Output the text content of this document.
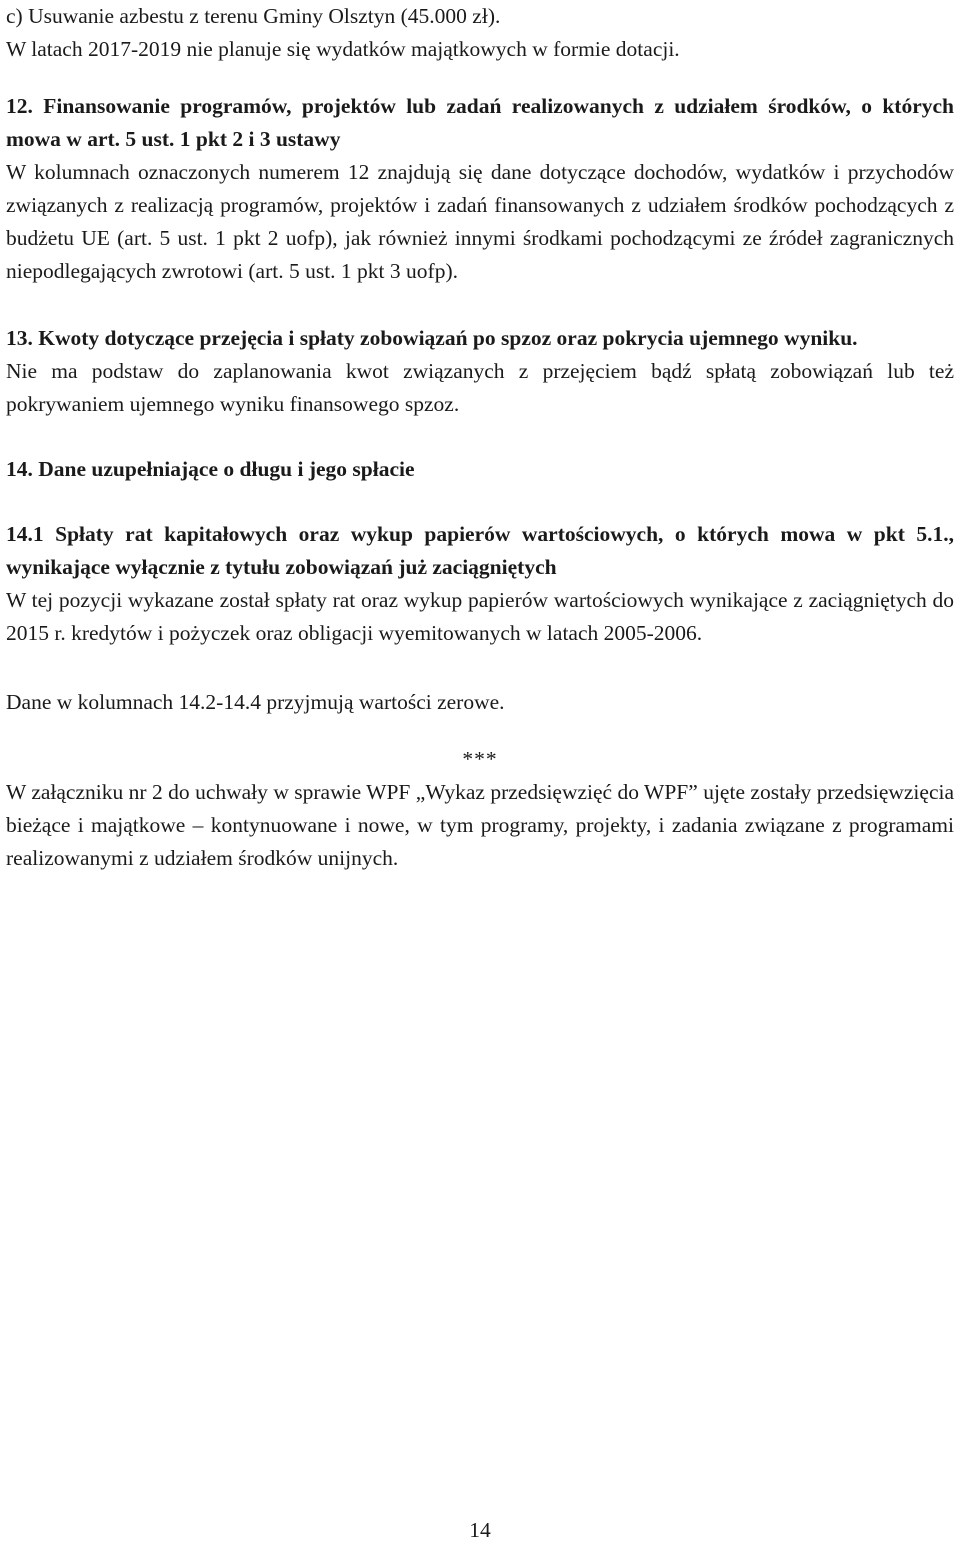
c) Usuwanie azbestu z terenu Gminy Olsztyn (45.000 zł).
W latach 2017-2019 nie planuje się wydatków majątkowych w formie dotacji.

12. Finansowanie programów, projektów lub zadań realizowanych z udziałem środków, o których mowa w art. 5 ust. 1 pkt 2 i 3 ustawy

W kolumnach oznaczonych numerem 12 znajdują się dane dotyczące dochodów, wydatków i przychodów związanych z realizacją programów, projektów i zadań finansowanych z udziałem środków pochodzących z budżetu UE (art. 5 ust. 1 pkt 2 uofp), jak również innymi środkami pochodzącymi ze źródeł zagranicznych niepodlegających zwrotowi (art. 5 ust. 1 pkt 3 uofp).

13. Kwoty dotyczące przejęcia i spłaty zobowiązań po spzoz oraz pokrycia ujemnego wyniku.

Nie ma podstaw do zaplanowania kwot związanych z przejęciem bądź spłatą zobowiązań lub też pokrywaniem ujemnego wyniku finansowego spzoz.

14. Dane uzupełniające o długu i jego spłacie

14.1 Spłaty rat kapitałowych oraz wykup papierów wartościowych, o których mowa w pkt 5.1., wynikające wyłącznie z tytułu zobowiązań już zaciągniętych

W tej pozycji wykazane został spłaty rat oraz wykup papierów wartościowych wynikające z zaciągniętych do 2015 r. kredytów i pożyczek oraz obligacji wyemitowanych w latach 2005-2006.

Dane w kolumnach 14.2-14.4 przyjmują wartości zerowe.

***

W załączniku nr 2 do uchwały w sprawie WPF „Wykaz przedsięwzięć do WPF” ujęte zostały przedsięwzięcia bieżące i majątkowe – kontynuowane i nowe, w tym programy, projekty, i zadania związane z programami realizowanymi z udziałem środków unijnych.

14
